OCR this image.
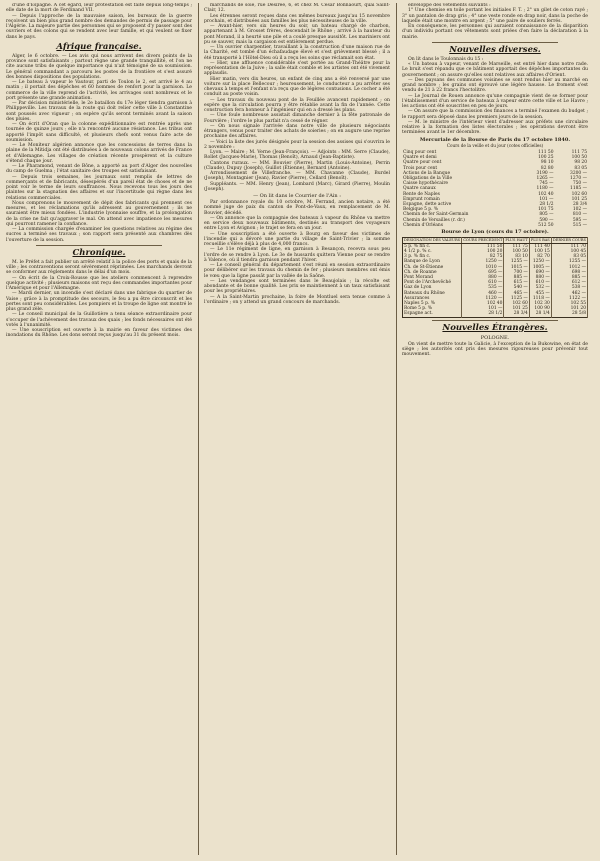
d'une d'Espagne. A cet égard, leur protestation est faite depuis long-temps ; elle date de la mort de Ferdinand VII.

— Depuis l'approche de la mauvaise saison, les bureaux de la guerre reçoivent un bien plus grand nombre des demandes de permis de passage pour l'Algérie. La majeure partie des personnes qui se proposent d'y passer sont des ouvriers et des colons qui se rendent avec leur famille, et qui veulent se fixer dans le pays.

Afrique française.

Alger, le 6 octobre. — Les avis qui nous arrivent des divers points de la province sont satisfaisants ; partout règne une grande tranquillité, et l'on ne cite aucune tribu de quelque importance qui n'ait témoigné de sa soumission. Le général commandant a parcouru les postes de la frontière et s'est assuré des bonnes dispositions des populations.

— Le bateau à vapeur le Vautour, parti de Toulon le 2, est arrivé le 4 au matin ; il portait des dépêches et 60 hommes de renfort pour la garnison. Le commerce de la ville reprend de l'activité, les arrivages sont nombreux et le port présente une grande animation.

— Par décision ministérielle, le 2e bataillon du 17e léger tiendra garnison à Philippeville. Les travaux de la route qui doit relier cette ville à Constantine sont poussés avec vigueur ; on espère qu'ils seront terminés avant la saison des pluies.

— On écrit d'Oran que la colonne expéditionnaire est rentrée après une tournée de quinze jours ; elle n'a rencontré aucune résistance. Les tribus ont apporté l'impôt sans difficulté, et plusieurs chefs sont venus faire acte de soumission.

— Le Moniteur algérien annonce que les concessions de terres dans la plaine de la Mitidja ont été distribuées à de nouveaux colons arrivés de France et d'Allemagne. Les villages de création récente prospèrent et la culture s'étend chaque jour.

— Le Pharamond, venant de Bône, a apporté au port d'Alger des nouvelles du camp de Guelma ; l'état sanitaire des troupes est satisfaisant.

— Depuis trois semaines, les journaux sont remplis de lettres de commerçants et de fabricants, désespérés d'un pareil état de choses et de ne point voir le terme de leurs souffrances. Nous recevons tous les jours des plaintes sur la stagnation des affaires et sur l'incertitude qui règne dans les relations commerciales.

Nous comprenons le mouvement de dépit des fabricants qui prennent ces mesures, et les réclamations qu'ils adressent au gouvernement ; ils ne sauraient être mieux fondées. L'industrie lyonnaise souffre, et la prolongation de la crise ne fait qu'aggraver le mal. On attend avec impatience les mesures qui pourront ramener la confiance.

— La commission chargée d'examiner les questions relatives au régime des sucres a terminé ses travaux ; son rapport sera présenté aux chambres dès l'ouverture de la session.

Chronique.

M. le Préfet a fait publier un arrêté relatif à la police des ports et quais de la ville ; les contraventions seront sévèrement réprimées. Les marchands devront se conformer aux règlements dans le délai d'un mois.

— On écrit de la Croix-Rousse que les ateliers commencent à reprendre quelque activité ; plusieurs maisons ont reçu des commandes importantes pour l'Amérique et pour l'Allemagne.

— Mardi dernier, un incendie s'est déclaré dans une fabrique du quartier de Vaise ; grâce à la promptitude des secours, le feu a pu être circonscrit et les pertes sont peu considérables. Les pompiers et la troupe de ligne ont montré le plus grand zèle.

— Le conseil municipal de la Guillotière a tenu séance extraordinaire pour s'occuper de l'achèvement des travaux des quais ; les fonds nécessaires ont été votés à l'unanimité.

— Une souscription est ouverte à la mairie en faveur des victimes des inondations du Rhône. Les dons seront reçus jusqu'au 31 du présent mois.

marchands de soie, rue Désirée, 6, et chez M. César Bonnaourt, quai Saint-Clair, 12.

Les étrennes seront reçues dans ces mêmes bureaux jusqu'au 15 novembre prochain, et distribuées aux familles les plus nécessiteuses de la ville.

— Avant-hier, vers six heures du soir, un bateau chargé de charbon, appartenant à M. Grosset frères, descendait le Rhône ; arrivé à la hauteur du pont Morand, il a heurté une pile et a coulé presque aussitôt. Les mariniers ont pu se sauver, mais la cargaison est entièrement perdue.

— Un ouvrier charpentier, travaillant à la construction d'une maison rue de la Charité, est tombé d'un échafaudage élevé et s'est grièvement blessé ; il a été transporté à l'Hôtel-Dieu où il a reçu les soins que réclamait son état.

— Hier, une affluence considérable s'est portée au Grand-Théâtre pour la représentation de la Juive ; la salle était comble et les artistes ont été vivement applaudis.

Hier matin, vers dix heures, un enfant de cinq ans a été renversé par une voiture sur la place Bellecour ; heureusement, le conducteur a pu arrêter ses chevaux à temps et l'enfant n'a reçu que de légères contusions. Le cocher a été conduit au poste voisin.

— Les travaux du nouveau pont de la Feuillée avancent rapidement ; on espère que la circulation pourra y être rétablie avant la fin de l'année. Cette construction fera honneur à l'ingénieur qui en a dressé les plans.

— Une foule nombreuse assistait dimanche dernier à la fête patronale de Fourvière ; l'ordre le plus parfait n'a cessé de régner.

— On nous signale l'arrivée dans notre ville de plusieurs négociants étrangers, venus pour traiter des achats de soieries ; on en augure une reprise prochaine des affaires.

— Voici la liste des jurés désignés pour la session des assises qui s'ouvrira le 2 novembre :

Lyon. — Maire ; M. Verne (Jean-François). — Adjoints : MM. Serre (Claude), Rollet (Jacques-Marie), Thomas (Benoît), Arnaud (Jean-Baptiste).

Cantons ruraux. — MM. Bouvier (Pierre), Martin (Louis-Antoine), Perrin (Claude), Dupuy (Joseph), Guillot (Étienne), Bernard (Antoine).

Arrondissement de Villefranche. — MM. Chavanne (Claude), Burdel (Joseph), Montagnier (Jean), Ravier (Pierre), Cellard (Benoît).

Suppléants. — MM. Henry (Jean), Lombard (Marc), Girard (Pierre), Moulin (Joseph).

— On lit dans le Courrier de l'Ain :

Par ordonnance royale du 10 octobre, M. Ferrand, ancien notaire, a été nommé juge de paix du canton de Pont-de-Vaux, en remplacement de M. Bouvier, décédé.

— On annonce que la compagnie des bateaux à vapeur du Rhône va mettre en service deux nouveaux bâtiments, destinés au transport des voyageurs entre Lyon et Avignon ; le trajet se fera en un jour.

— Une souscription a été ouverte à Bourg en faveur des victimes de l'incendie qui a dévoré une partie du village de Saint-Trivier ; la somme recueillie s'élève déjà à plus de 4,000 francs.

— Le 11e régiment de ligne, en garnison à Besançon, recevra sous peu l'ordre de se rendre à Lyon. Le 3e de hussards quittera Vienne pour se rendre à Valence, où il tiendra garnison pendant l'hiver.

— Le conseil général du département s'est réuni en session extraordinaire pour délibérer sur les travaux du chemin de fer ; plusieurs membres ont émis le vœu que la ligne passât par la vallée de la Saône.

— Les vendanges sont terminées dans le Beaujolais ; la récolte est abondante et de bonne qualité. Les prix se maintiennent à un taux satisfaisant pour les propriétaires.

— A la Saint-Martin prochaine, la foire de Montluel sera tenue comme à l'ordinaire ; on y attend un grand concours de marchands.

enveloppe des vêtements suivants :

1° Une chemise en toile portant les initiales F. T. ; 2° un gilet de coton rayé ; 3° un pantalon de drap gris ; 4° une veste ronde en drap noir, dans la poche de laquelle était une montre en argent ; 5° une paire de souliers ferrés.

En conséquence, les personnes qui auraient connaissance de la disparition d'un individu portant ces vêtements sont priées d'en faire la déclaration à la mairie.

Nouvelles diverses.

On lit dans le Toulonnais du 15 :

« Un bateau à vapeur, venant de Marseille, est entré hier dans notre rade. Le bruit s'est répandu que ce bâtiment apportait des dépêches importantes du gouvernement ; on assure qu'elles sont relatives aux affaires d'Orient.

— Des paysans des communes voisines se sont rendus hier au marché en grand nombre ; les grains ont éprouvé une légère hausse. Le froment s'est vendu de 21 à 22 francs l'hectolitre.

— Le Journal de Rouen annonce qu'une compagnie vient de se former pour l'établissement d'un service de bateaux à vapeur entre cette ville et Le Havre ; les actions ont été souscrites en peu de jours.

— On assure que la commission des finances a terminé l'examen du budget ; le rapport sera déposé dans les premiers jours de la session.

— M. le ministre de l'intérieur vient d'adresser aux préfets une circulaire relative à la formation des listes électorales ; les opérations devront être terminées avant le 1er décembre.

Mercuriale de la Bourse de Paris du 17 octobre 1840.
Cours de la veille et du jour (cotes officielles)
Cinq pour cent	111 50	111 75
Quatre et demi	100 25	100 50
Quatre pour cent	98 10	98 20
Trois pour cent	82 80	83 05
Actions de la Banque	3190 —	3200 —
Obligations de la Ville	1265 —	1270 —
Caisse hypothécaire	745 —	750 —
Quatre canaux	1180 —	1185 —
Rente de Naples	102 40	102 60
Emprunt romain	101 —	101 25
Espagne, dette active	28 1/2	28 3/4
Belgique 5 p. %	101 75	102 —
Chemin de fer Saint-Germain	805 —	810 —
Chemin de Versailles (r. dr.)	590 —	595 —
Chemin d'Orléans	512 50	515 —
Bourse de Lyon (cours du 17 octobre).
DÉSIGNATION DES VALEURS	COURS PRÉCÉDENT	PLUS HAUT	PLUS BAS	DERNIER COURS
5 p. % fin c.	111 50	111 75	111 40	111 70
4 1/2 p. % c.	100 20	100 50	100 15	100 45
3 p. % fin c.	82 75	83 10	82 70	83 05
Banque de Lyon	1250 —	1255 —	1250 —	1255 —
Ch. de St-Étienne	1010 —	1015 —	1005 —	1012 —
Ch. de Roanne	695 —	700 —	690 —	698 —
Pont Morand	880 —	885 —	880 —	885 —
Pont de l'Archevêché	610 —	615 —	610 —	612 —
Gaz de Lyon	535 —	540 —	532 —	538 —
Bateaux du Rhône	460 —	465 —	455 —	462 —
Assurances	1120 —	1125 —	1118 —	1122 —
Naples 5 p. %	102 40	102 60	102 30	102 55
Rome 5 p. %	101 —	101 25	100 90	101 20
Espagne act.	28 1/2	28 3/4	28 1/4	28 5/8
Nouvelles Étrangères.
POLOGNE.

On vient de mettre toute la Galicie, à l'exception de la Bukowine, en état de siège ; les autorités ont pris des mesures rigoureuses pour prévenir tout mouvement.
